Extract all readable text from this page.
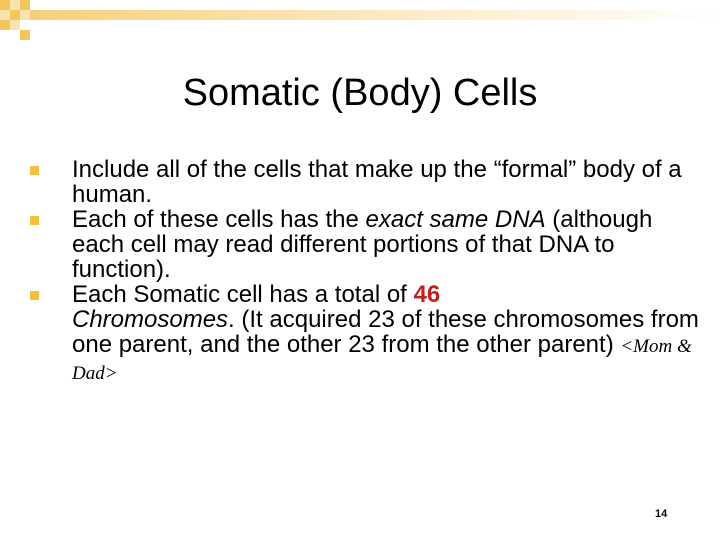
Somatic (Body) Cells
Include all of the cells that make up the “formal” body of a human.
Each of these cells has the exact same DNA (although each cell may read different portions of that DNA to function).
Each Somatic cell has a total of 46
Chromosomes. (It acquired 23 of these chromosomes from one parent, and the other 23 from the other parent) <Mom & Dad>
14
